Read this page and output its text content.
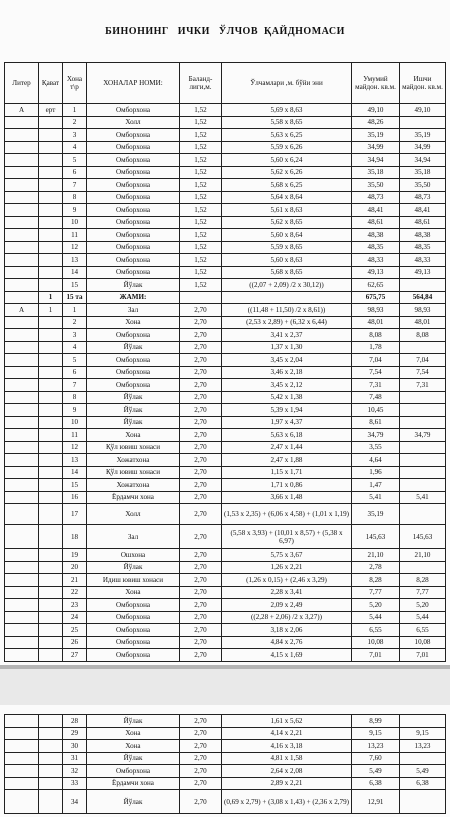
БИНОНИНГ   ИЧКИ   ЎЛЧОВ  ҚАЙДНОМАСИ
Литер	Қават	Хона т\р	ХОНАЛАР НОМИ:	Баланд-лиги,м.	Ўлчамлари ,м. бўйи эни	Умумий майдон. кв.м.	Ишчи майдон. кв.м.
А	ерт	1	Омборхона	1,52	5,69 х 8,63	49,10	49,10
		2	Холл	1,52	5,58 х 8,65	48,26	
		3	Омборхона	1,52	5,63 х 6,25	35,19	35,19
		4	Омборхона	1,52	5,59 х 6,26	34,99	34,99
		5	Омборхона	1,52	5,60 х 6,24	34,94	34,94
		6	Омборхона	1,52	5,62 х 6,26	35,18	35,18
		7	Омборхона	1,52	5,68 х 6,25	35,50	35,50
		8	Омборхона	1,52	5,64 х 8,64	48,73	48,73
		9	Омборхона	1,52	5,61 х 8,63	48,41	48,41
		10	Омборхона	1,52	5,62 х 8,65	48,61	48,61
		11	Омборхона	1,52	5,60 х 8,64	48,38	48,38
		12	Омборхона	1,52	5,59 х 8,65	48,35	48,35
		13	Омборхона	1,52	5,60 х 8,63	48,33	48,33
		14	Омборхона	1,52	5,68 х 8,65	49,13	49,13
		15	Йўлак	1,52	((2,07 + 2,09) /2 х 30,12))	62,65	
	1	15 та	ЖАМИ:			675,75	564,84
А	1	1	Зал	2,70	((11,48 + 11,50) /2 х 8,61))	98,93	98,93
		2	Хона	2,70	(2,53 х 2,89) + (6,32 х 6,44)	48,01	48,01
		3	Омборхона	2,70	3,41 х 2,37	8,08	8,08
		4	Йўлак	2,70	1,37 х 1,30	1,78	
		5	Омборхона	2,70	3,45 х 2,04	7,04	7,04
		6	Омборхона	2,70	3,46 х 2,18	7,54	7,54
		7	Омборхона	2,70	3,45 х 2,12	7,31	7,31
		8	Йўлак	2,70	5,42 х 1,38	7,48	
		9	Йўлак	2,70	5,39 х 1,94	10,45	
		10	Йўлак	2,70	1,97 х 4,37	8,61	
		11	Хона	2,70	5,63 х 6,18	34,79	34,79
		12	Қўл ювиш хонаси	2,70	2,47 х 1,44	3,55	
		13	Хожатхона	2,70	2,47 х 1,88	4,64	
		14	Қўл ювиш хонаси	2,70	1,15 х 1,71	1,96	
		15	Хожатхона	2,70	1,71 х 0,86	1,47	
		16	Ёрдамчи хона	2,70	3,66 х 1,48	5,41	5,41
		17	Холл	2,70	(1,53 х 2,35) + (6,06 х 4,58) + (1,01 х 1,19)	35,19	
		18	Зал	2,70	(5,58 х 3,93) + (10,01 х 8,57) + (5,38 х 6,97)	145,63	145,63
		19	Ошхона	2,70	5,75 х 3,67	21,10	21,10
		20	Йўлак	2,70	1,26 х 2,21	2,78	
		21	Идиш ювиш хонаси	2,70	(1,26 х 0,15) + (2,46 х 3,29)	8,28	8,28
		22	Хона	2,70	2,28 х 3,41	7,77	7,77
		23	Омборхона	2,70	2,09 х 2,49	5,20	5,20
		24	Омборхона	2,70	((2,28 + 2,06) /2 х 3,27))	5,44	5,44
		25	Омборхона	2,70	3,18 х 2,06	6,55	6,55
		26	Омборхона	2,70	4,84 х 2,76	10,08	10,08
		27	Омборхона	2,70	4,15 х 1,69	7,01	7,01
		28	Йўлак	2,70	1,61 х 5,62	8,99	
		29	Хона	2,70	4,14 х 2,21	9,15	9,15
		30	Хона	2,70	4,16 х 3,18	13,23	13,23
		31	Йўлак	2,70	4,81 х 1,58	7,60	
		32	Омборхона	2,70	2,64 х 2,08	5,49	5,49
		33	Ёрдамчи хона	2,70	2,89 х 2,21	6,38	6,38
		34	Йўлак	2,70	(0,69 х 2,79) + (3,08 х 1,43) + (2,36 х 2,79)	12,91	
